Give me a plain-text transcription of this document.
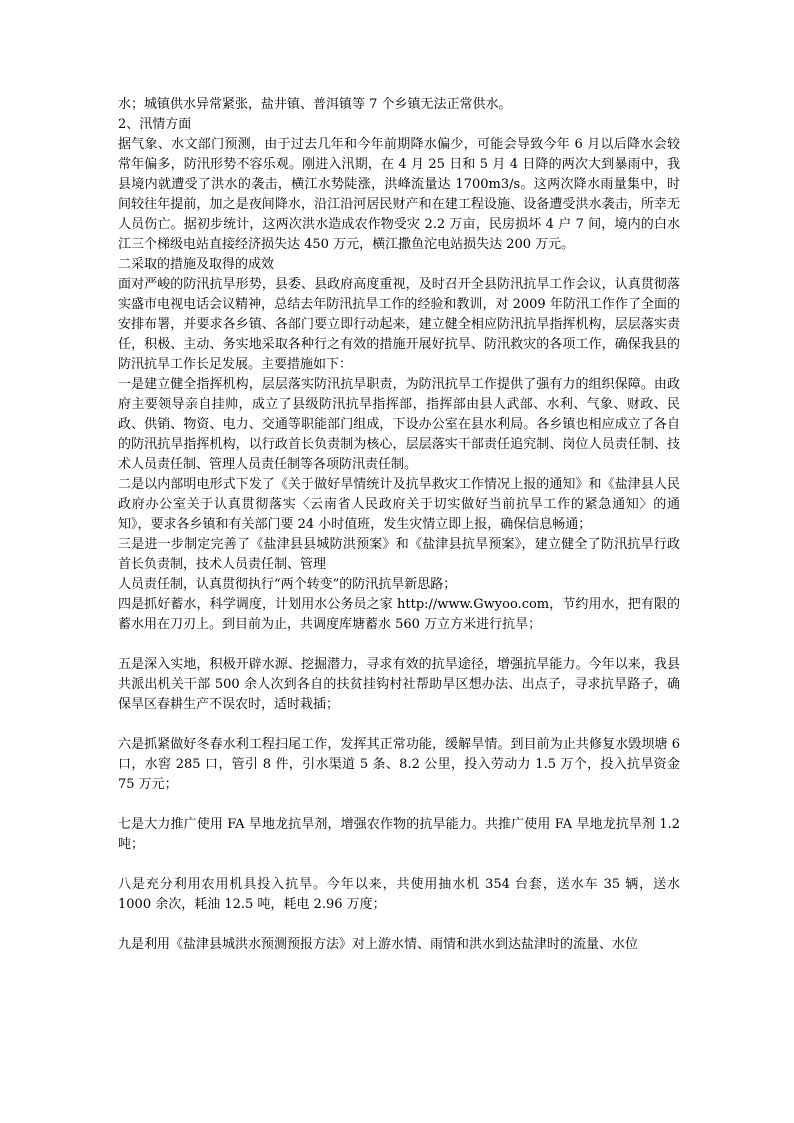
水；城镇供水异常紧张，盐井镇、普洱镇等 7 个乡镇无法正常供水。

2、汛情方面

据气象、水文部门预测，由于过去几年和今年前期降水偏少，可能会导致今年 6 月以后降水会较常年偏多，防汛形势不容乐观。刚进入汛期，在 4 月 25 日和 5 月 4 日降的两次大到暴雨中，我县境内就遭受了洪水的袭击，横江水势陡涨，洪峰流量达 1700m3/s。这两次降水雨量集中，时间较往年提前，加之是夜间降水，沿江沿河居民财产和在建工程设施、设备遭受洪水袭击，所幸无人员伤亡。据初步统计，这两次洪水造成农作物受灾 2.2 万亩，民房损坏 4 户 7 间，境内的白水江三个梯级电站直接经济损失达 450 万元，横江撒鱼沱电站损失达 200 万元。

二采取的措施及取得的成效

面对严峻的防汛抗旱形势，县委、县政府高度重视，及时召开全县防汛抗旱工作会议，认真贯彻落实盛市电视电话会议精神，总结去年防汛抗旱工作的经验和教训，对 2009 年防汛工作作了全面的安排布署，并要求各乡镇、各部门要立即行动起来，建立健全相应防汛抗旱指挥机构，层层落实责任，积极、主动、务实地采取各种行之有效的措施开展好抗旱、防汛救灾的各项工作，确保我县的防汛抗旱工作长足发展。主要措施如下：

一是建立健全指挥机构，层层落实防汛抗旱职责，为防汛抗旱工作提供了强有力的组织保障。由政府主要领导亲自挂帅，成立了县级防汛抗旱指挥部，指挥部由县人武部、水利、气象、财政、民政、供销、物资、电力、交通等职能部门组成，下设办公室在县水利局。各乡镇也相应成立了各自的防汛抗旱指挥机构，以行政首长负责制为核心，层层落实干部责任追究制、岗位人员责任制、技术人员责任制、管理人员责任制等各项防汛责任制。

二是以内部明电形式下发了《关于做好旱情统计及抗旱救灾工作情况上报的通知》和《盐津县人民政府办公室关于认真贯彻落实〈云南省人民政府关于切实做好当前抗旱工作的紧急通知〉的通知》，要求各乡镇和有关部门要 24 小时值班，发生灾情立即上报，确保信息畅通；

三是进一步制定完善了《盐津县县城防洪预案》和《盐津县抗旱预案》，建立健全了防汛抗旱行政首长负责制，技术人员责任制、管理

人员责任制，认真贯彻执行“两个转变”的防汛抗旱新思路；

四是抓好蓄水，科学调度，计划用水公务员之家 http://www.Gwyoo.com，节约用水，把有限的蓄水用在刀刃上。到目前为止，共调度库塘蓄水 560 万立方米进行抗旱；

五是深入实地，积极开辟水源、挖掘潜力，寻求有效的抗旱途径，增强抗旱能力。今年以来，我县共派出机关干部 500 余人次到各自的扶贫挂钩村社帮助旱区想办法、出点子，寻求抗旱路子，确保旱区春耕生产不误农时，适时栽插；

六是抓紧做好冬春水利工程扫尾工作，发挥其正常功能，缓解旱情。到目前为止共修复水毁坝塘 6 口，水窖 285 口，管引 8 件，引水渠道 5 条、8.2 公里，投入劳动力 1.5 万个，投入抗旱资金 75 万元；

七是大力推广使用 FA 旱地龙抗旱剂，增强农作物的抗旱能力。共推广使用 FA 旱地龙抗旱剂 1.2 吨；

八是充分利用农用机具投入抗旱。今年以来，共使用抽水机 354 台套，送水车 35 辆，送水 1000 余次，耗油 12.5 吨，耗电 2.96 万度；

九是利用《盐津县城洪水预测预报方法》对上游水情、雨情和洪水到达盐津时的流量、水位
